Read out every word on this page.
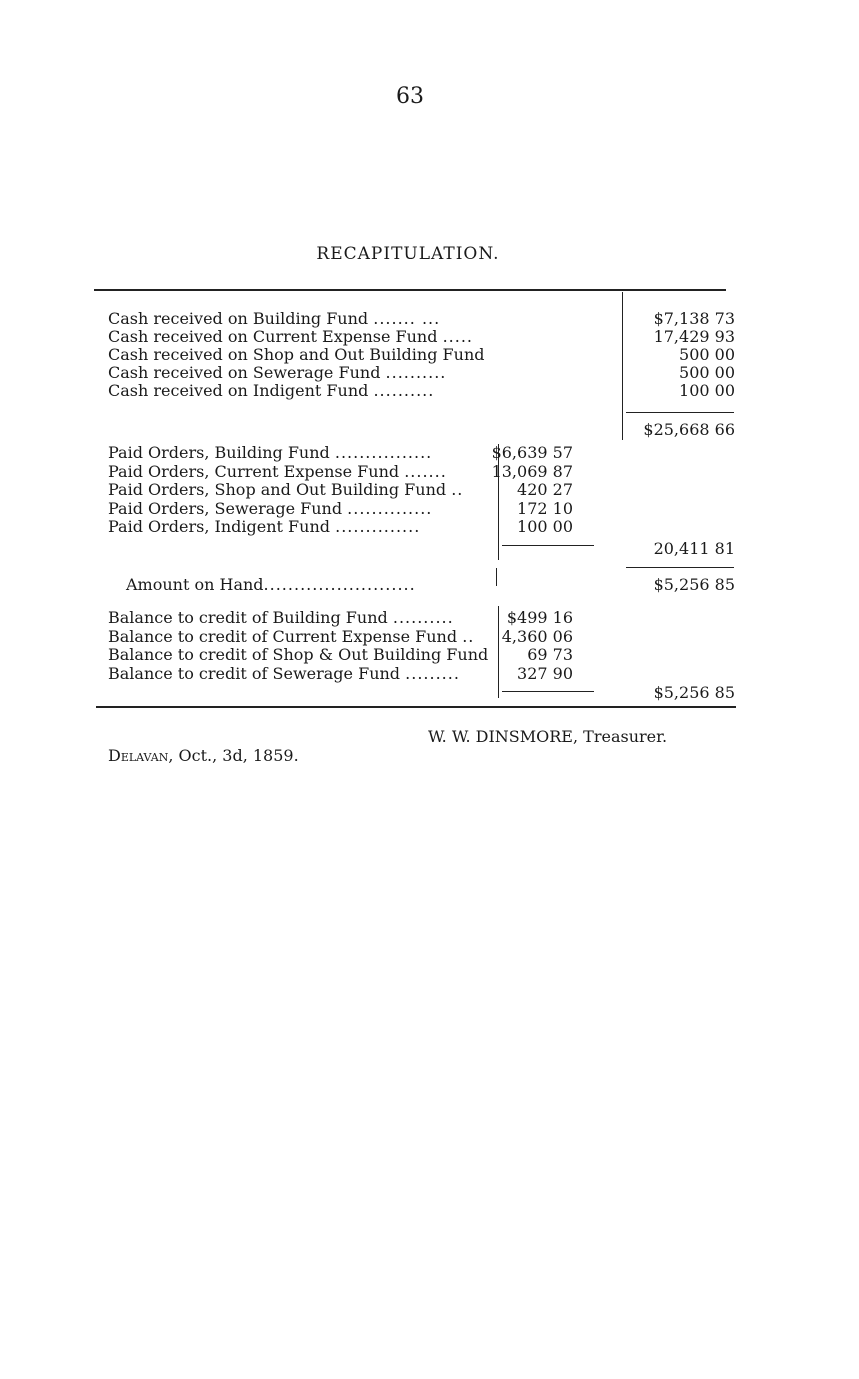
63
RECAPITULATION.
Cash received on Building Fund ....... ...	$7,138 73
Cash received on Current Expense Fund .....	17,429 93
Cash received on Shop and Out Building Fund	500 00
Cash received on Sewerage Fund ..........	500 00
Cash received on Indigent Fund ..........	100 00
$25,668 66
Paid Orders, Building Fund ................	$6,639 57
Paid Orders, Current Expense Fund .......	13,069 87
Paid Orders, Shop and Out Building Fund ..	420 27
Paid Orders, Sewerage Fund ..............	172 10
Paid Orders, Indigent Fund ..............	100 00
20,411 81
Amount on Hand.........................	$5,256 85
Balance to credit of Building Fund ..........	$499 16
Balance to credit of Current Expense Fund .. 4,360 06
Balance to credit of Shop & Out Building Fund 69 73
Balance to credit of Sewerage Fund .........	327 90
$5,256 85
W. W. DINSMORE, Treasurer.
Delavan, Oct., 3d, 1859.
